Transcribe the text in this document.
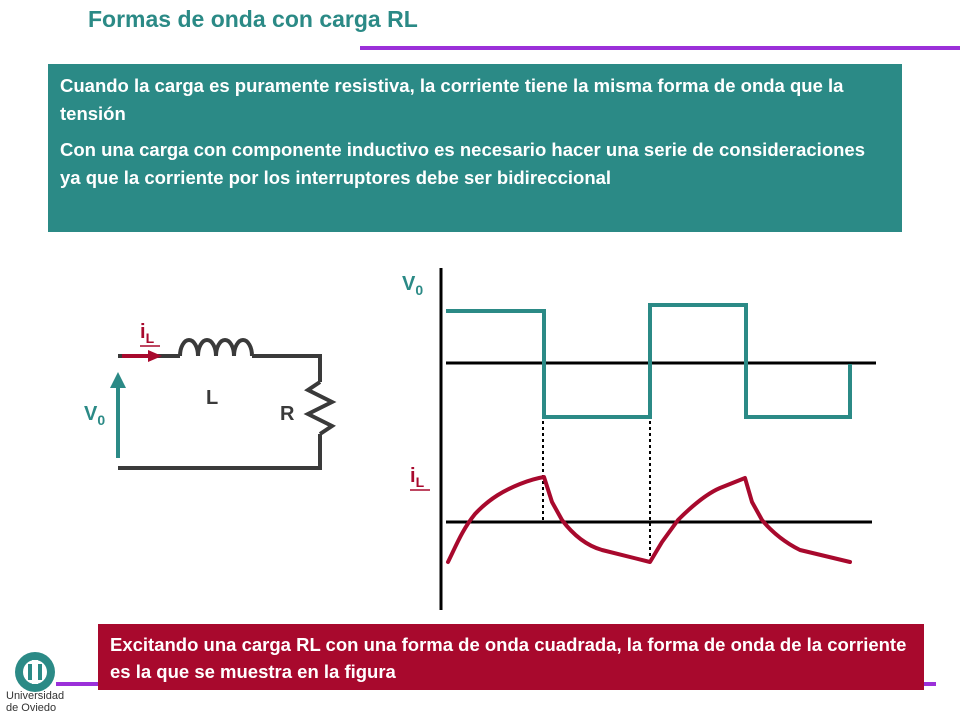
Formas de onda con carga RL

Cuando la carga es puramente resistiva, la corriente tiene la misma forma de onda que la tensión

Con una carga con componente inductivo es necesario hacer una serie de consideraciones ya que la corriente por los interruptores debe ser bidireccional

$i_L$
L
R
$V_0$
$V_0$
$i_L$
Excitando una carga RL con una forma de onda cuadrada, la forma de onda de la corriente es la que se muestra en la figura
Universidad
de Oviedo
